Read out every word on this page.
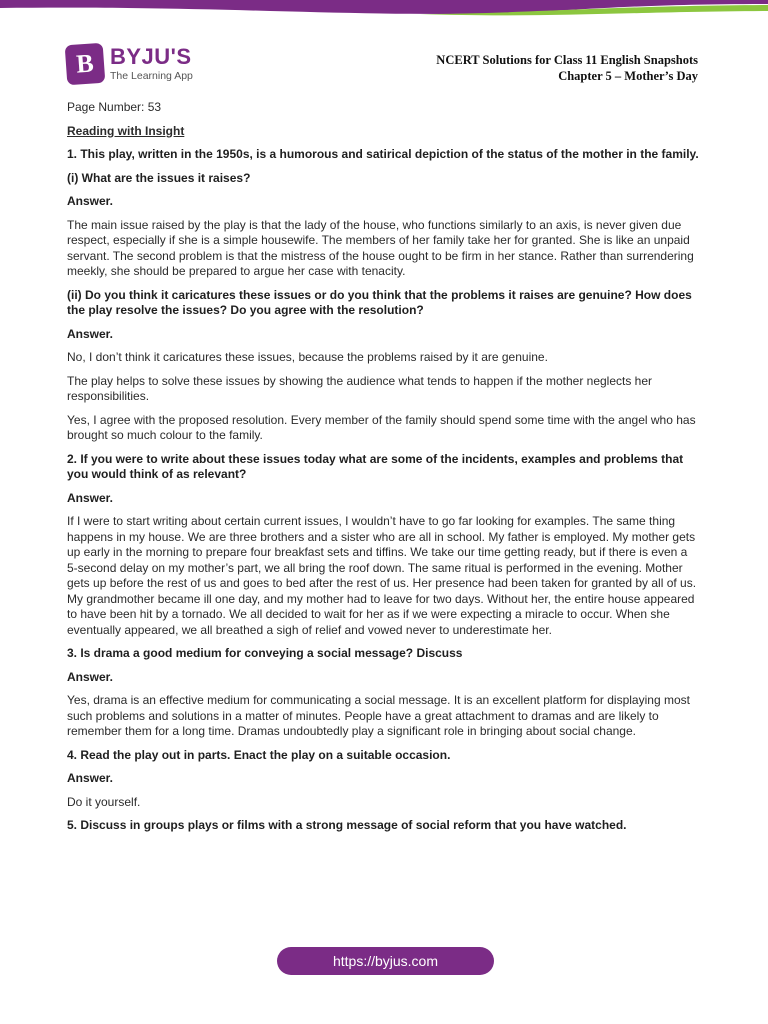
B BYJU'S
The Learning App
NCERT Solutions for Class 11 English Snapshots
Chapter 5 – Mother’s Day

Page Number: 53

Reading with Insight

1. This play, written in the 1950s, is a humorous and satirical depiction of the status of the mother in the family.

(i) What are the issues it raises?

Answer.

The main issue raised by the play is that the lady of the house, who functions similarly to an axis, is never given due respect, especially if she is a simple housewife. The members of her family take her for granted. She is like an unpaid servant. The second problem is that the mistress of the house ought to be firm in her stance. Rather than surrendering meekly, she should be prepared to argue her case with tenacity.

(ii) Do you think it caricatures these issues or do you think that the problems it raises are genuine? How does the play resolve the issues? Do you agree with the resolution?

Answer.

No, I don’t think it caricatures these issues, because the problems raised by it are genuine.

The play helps to solve these issues by showing the audience what tends to happen if the mother neglects her responsibilities.

Yes, I agree with the proposed resolution. Every member of the family should spend some time with the angel who has brought so much colour to the family.

2. If you were to write about these issues today what are some of the incidents, examples and problems that you would think of as relevant?

Answer.

If I were to start writing about certain current issues, I wouldn’t have to go far looking for examples. The same thing happens in my house. We are three brothers and a sister who are all in school. My father is employed. My mother gets up early in the morning to prepare four breakfast sets and tiffins. We take our time getting ready, but if there is even a 5-second delay on my mother’s part, we all bring the roof down. The same ritual is performed in the evening. Mother gets up before the rest of us and goes to bed after the rest of us. Her presence had been taken for granted by all of us. My grandmother became ill one day, and my mother had to leave for two days. Without her, the entire house appeared to have been hit by a tornado. We all decided to wait for her as if we were expecting a miracle to occur. When she eventually appeared, we all breathed a sigh of relief and vowed never to underestimate her.

3. Is drama a good medium for conveying a social message? Discuss

Answer.

Yes, drama is an effective medium for communicating a social message. It is an excellent platform for displaying most such problems and solutions in a matter of minutes. People have a great attachment to dramas and are likely to remember them for a long time. Dramas undoubtedly play a significant role in bringing about social change.

4. Read the play out in parts. Enact the play on a suitable occasion.

Answer.

Do it yourself.

5. Discuss in groups plays or films with a strong message of social reform that you have watched.

https://byjus.com
